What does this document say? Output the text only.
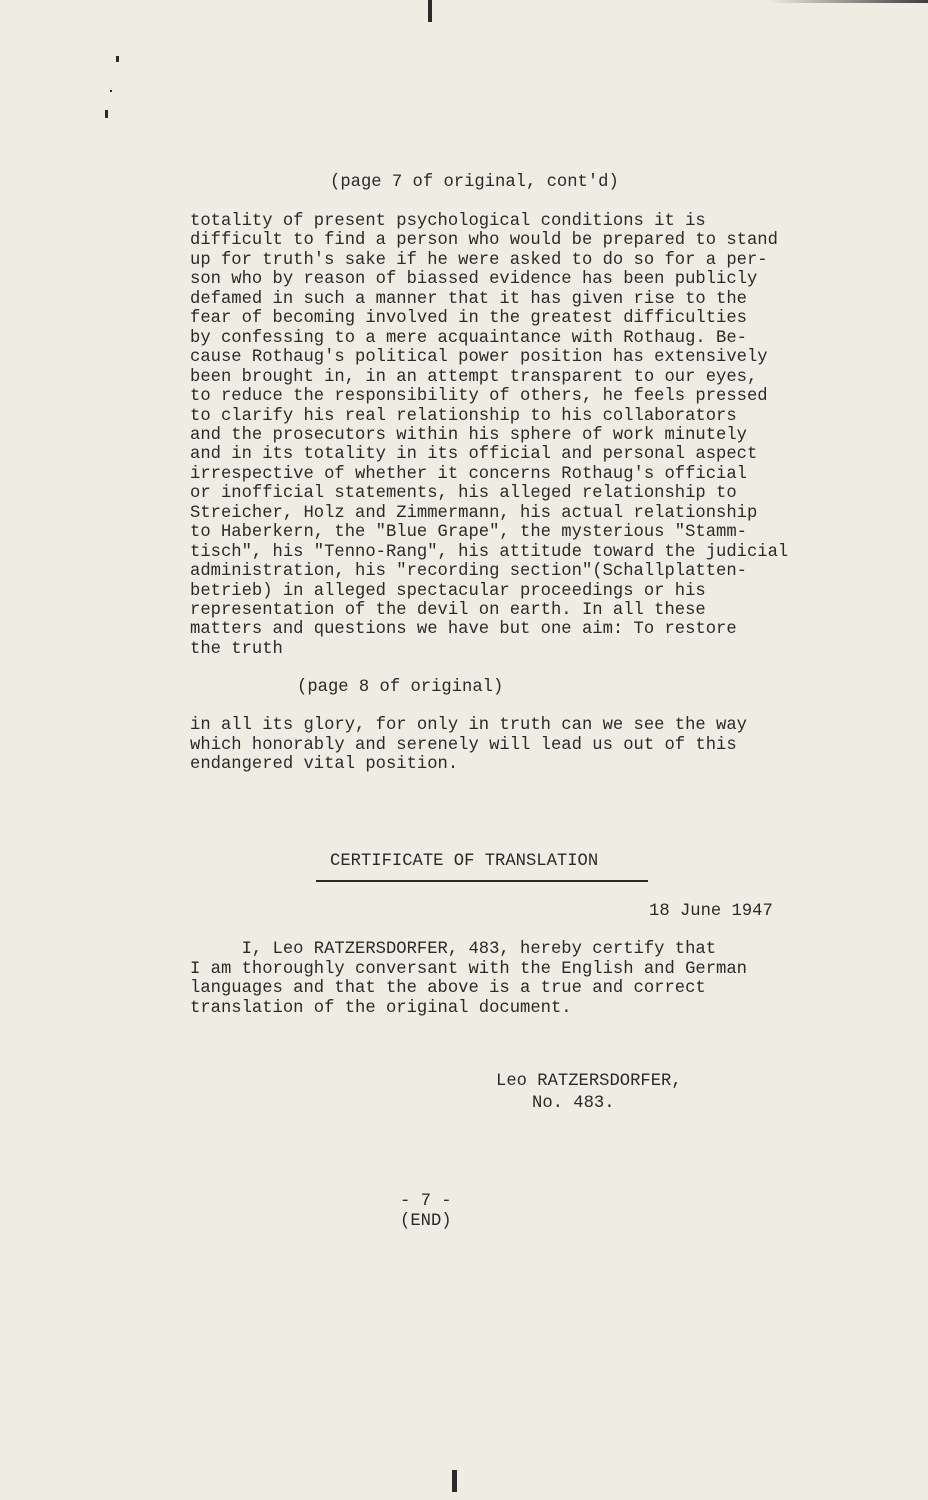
(page 7 of original, cont'd)
totality of present psychological conditions it is
difficult to find a person who would be prepared to stand
up for truth's sake if he were asked to do so for a per-
son who by reason of biassed evidence has been publicly
defamed in such a manner that it has given rise to the
fear of becoming involved in the greatest difficulties
by confessing to a mere acquaintance with Rothaug. Be-
cause Rothaug's political power position has extensively
been brought in, in an attempt transparent to our eyes,
to reduce the responsibility of others, he feels pressed
to clarify his real relationship to his collaborators
and the prosecutors within his sphere of work minutely
and in its totality in its official and personal aspect
irrespective of whether it concerns Rothaug's official
or inofficial statements, his alleged relationship to
Streicher, Holz and Zimmermann, his actual relationship
to Haberkern, the "Blue Grape", the mysterious "Stamm-
tisch", his "Tenno-Rang", his attitude toward the judicial
administration, his "recording section"(Schallplatten-
betrieb) in alleged spectacular proceedings or his
representation of the devil on earth. In all these
matters and questions we have but one aim: To restore
the truth
(page 8 of original)
in all its glory, for only in truth can we see the way
which honorably and serenely will lead us out of this
endangered vital position.
CERTIFICATE OF TRANSLATION
18 June 1947
I, Leo RATZERSDORFER, 483, hereby certify that
I am thoroughly conversant with the English and German
languages and that the above is a true and correct
translation of the original document.
Leo RATZERSDORFER,
No. 483.
- 7 -
(END)
